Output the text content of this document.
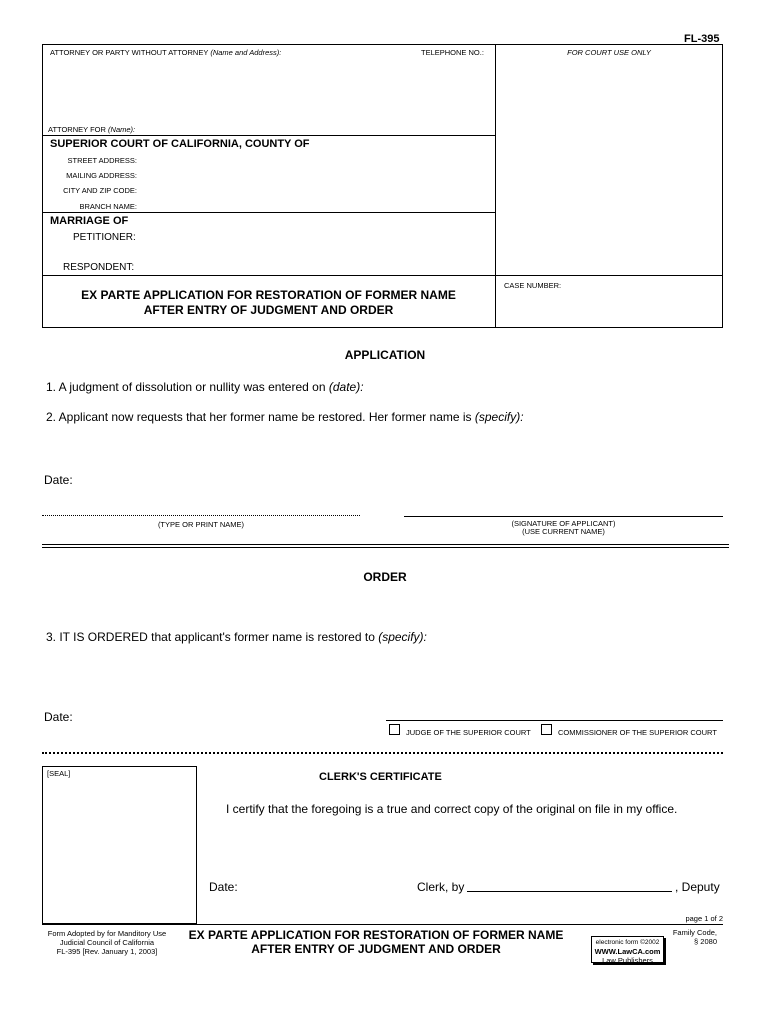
FL-395
ATTORNEY OR PARTY WITHOUT ATTORNEY (Name and Address):	TELEPHONE NO.:	FOR COURT USE ONLY
ATTORNEY FOR (Name):
SUPERIOR COURT OF CALIFORNIA, COUNTY OF
STREET ADDRESS:
MAILING ADDRESS:
CITY AND ZIP CODE:
BRANCH NAME:
MARRIAGE OF
PETITIONER:
RESPONDENT:
EX PARTE APPLICATION FOR RESTORATION OF FORMER NAME
AFTER ENTRY OF JUDGMENT AND ORDER
CASE NUMBER:
APPLICATION
1. A judgment of dissolution or nullity was entered on (date):
2. Applicant now requests that her former name be restored. Her former name is (specify):
Date:
(TYPE OR PRINT NAME)	(SIGNATURE OF APPLICANT)
(USE CURRENT NAME)
ORDER
3. IT IS ORDERED that applicant's former name is restored to (specify):
Date:
JUDGE OF THE SUPERIOR COURT	COMMISSIONER OF THE SUPERIOR COURT
[SEAL]	CLERK'S CERTIFICATE
I certify that the foregoing is a true and correct copy of the original on file in my office.
Date:	Clerk, by	, Deputy
page 1 of 2
Form Adopted by for Manditory Use
Judicial Council of California
FL-395 [Rev. January 1, 2003]
EX PARTE APPLICATION FOR RESTORATION OF FORMER NAME
AFTER ENTRY OF JUDGMENT AND ORDER	electronic form ©2002
WWW.LawCA.com
Law Publishers
Family Code,
§ 2080
